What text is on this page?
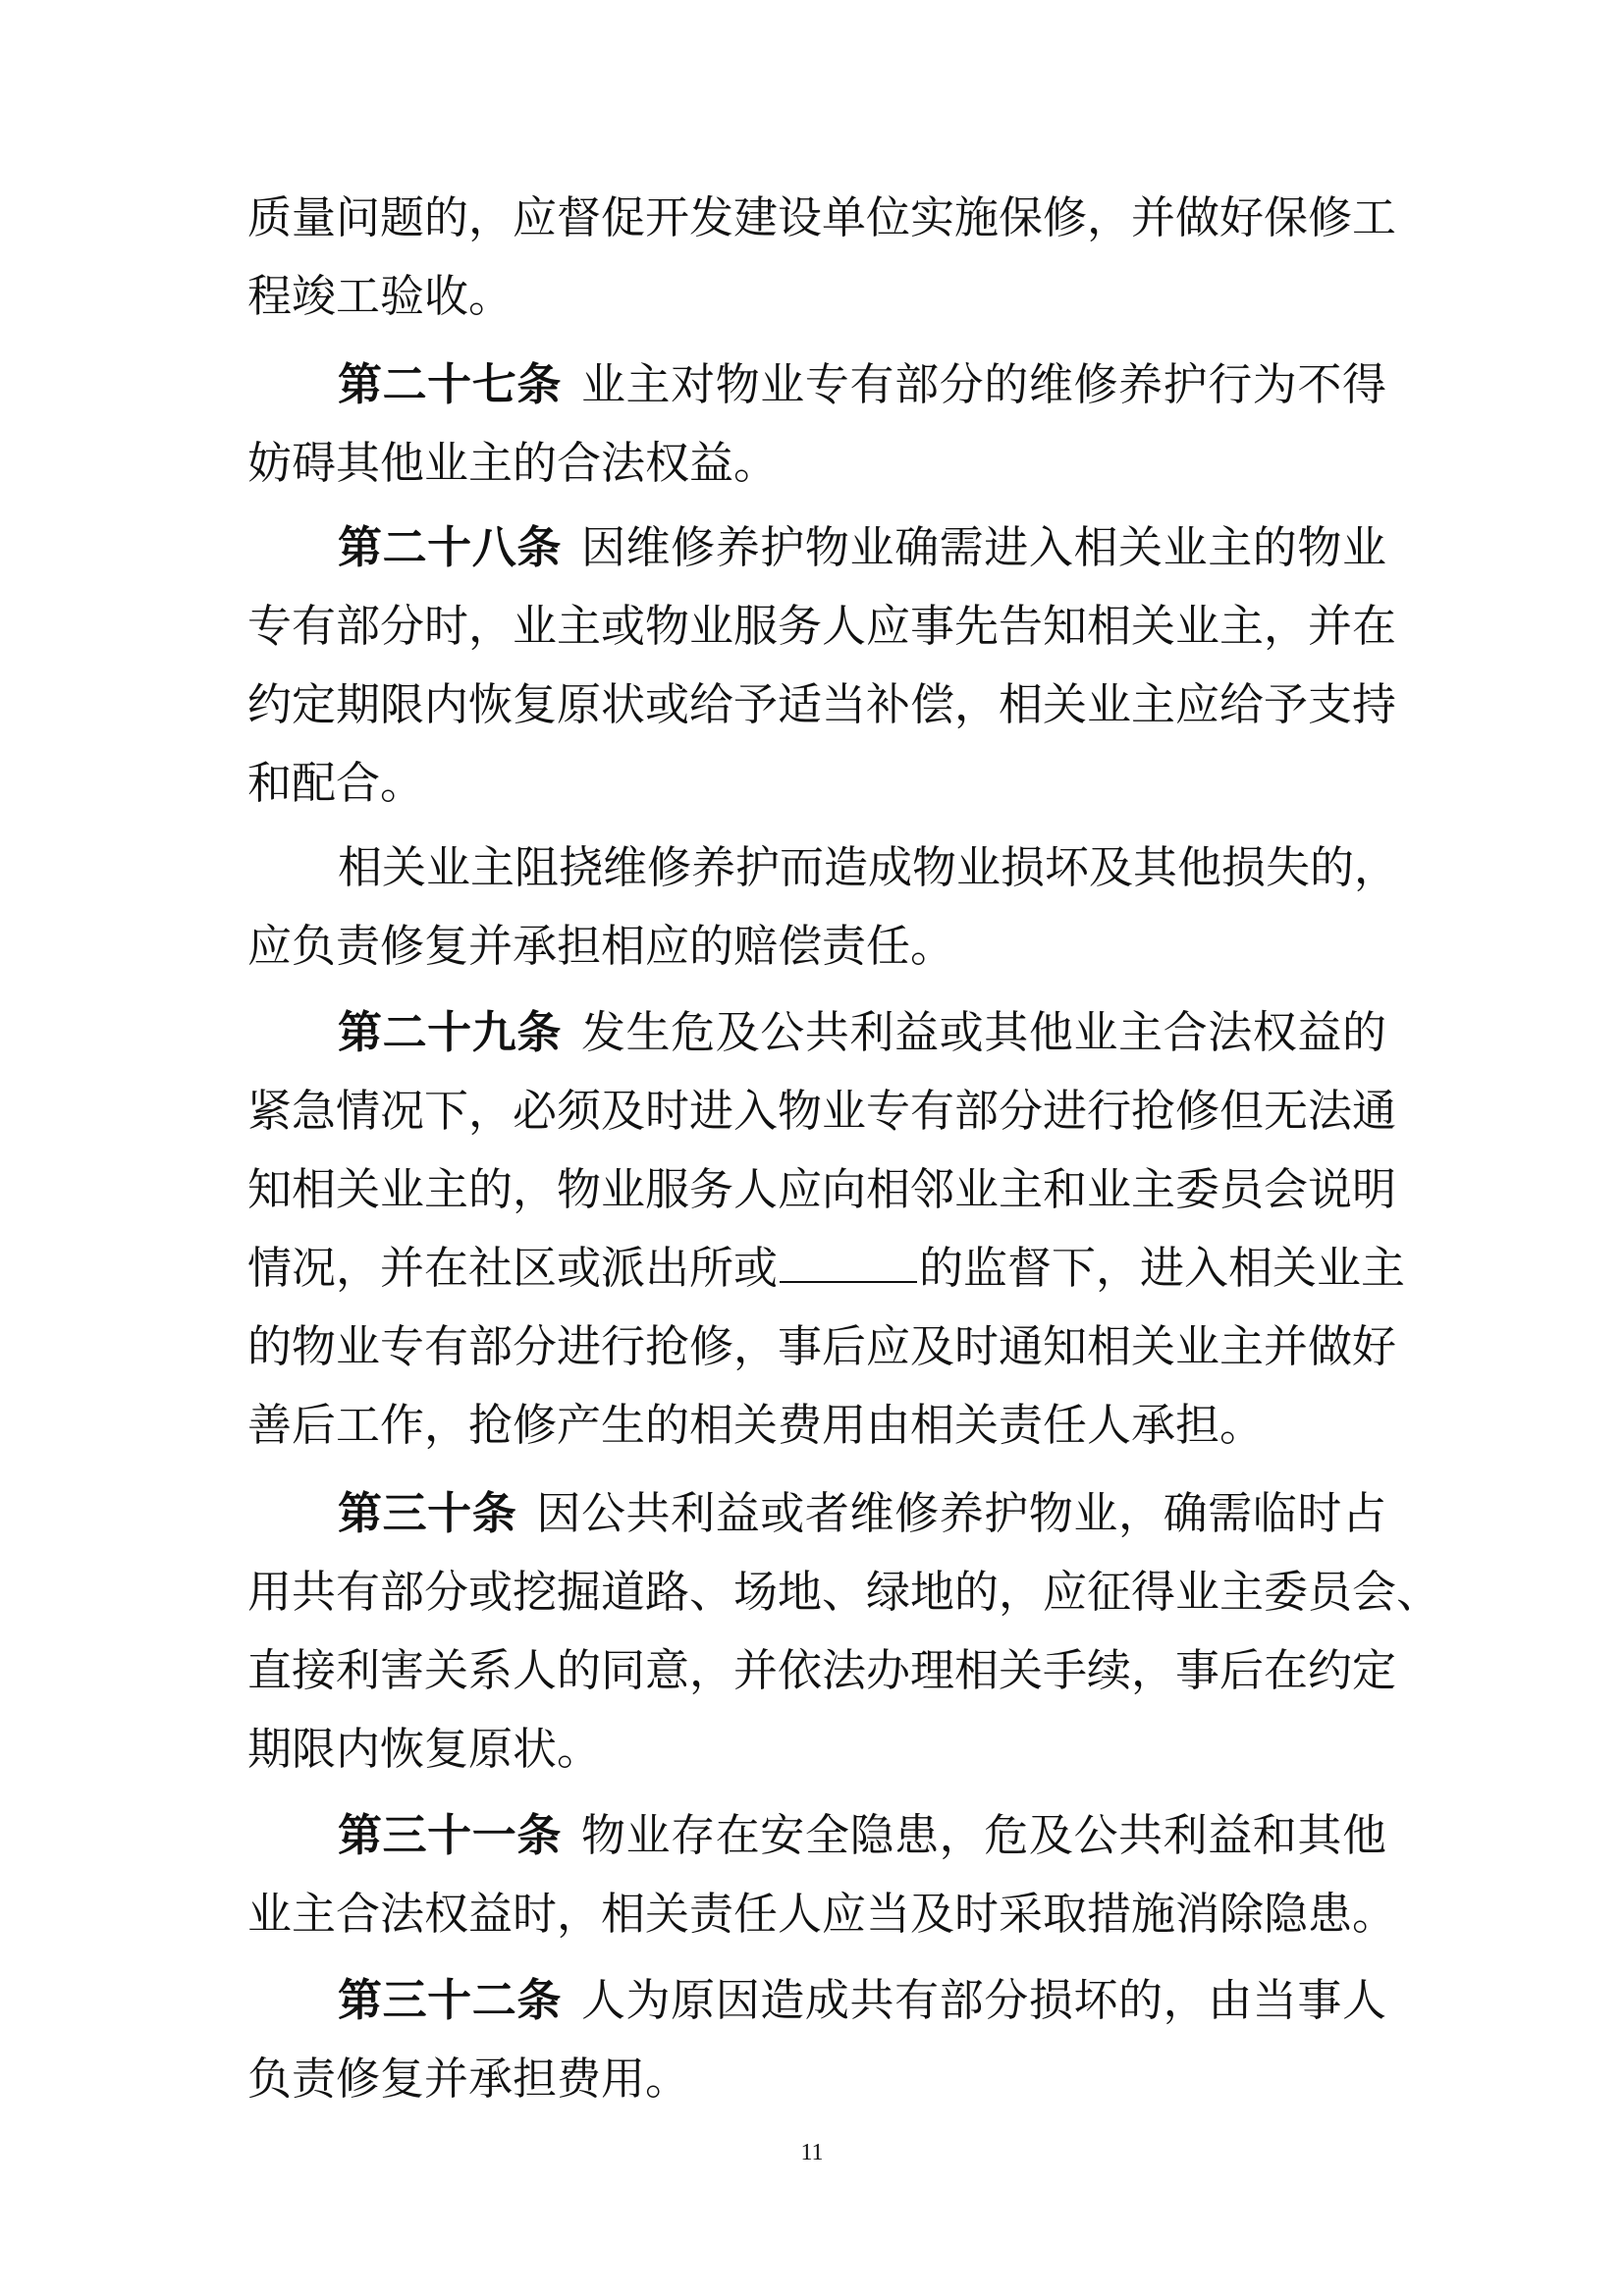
质量问题的，应督促开发建设单位实施保修，并做好保修工
程竣工验收。
第二十七条 业主对物业专有部分的维修养护行为不得
妨碍其他业主的合法权益。
第二十八条 因维修养护物业确需进入相关业主的物业
专有部分时，业主或物业服务人应事先告知相关业主，并在
约定期限内恢复原状或给予适当补偿，相关业主应给予支持
和配合。
相关业主阻挠维修养护而造成物业损坏及其他损失的，
应负责修复并承担相应的赔偿责任。
第二十九条 发生危及公共利益或其他业主合法权益的
紧急情况下，必须及时进入物业专有部分进行抢修但无法通
知相关业主的，物业服务人应向相邻业主和业主委员会说明
情况，并在社区或派出所或	的监督下，进入相关业主
的物业专有部分进行抢修，事后应及时通知相关业主并做好
善后工作，抢修产生的相关费用由相关责任人承担。
第三十条 因公共利益或者维修养护物业，确需临时占
用共有部分或挖掘道路、场地、绿地的，应征得业主委员会、
直接利害关系人的同意，并依法办理相关手续，事后在约定
期限内恢复原状。
第三十一条 物业存在安全隐患，危及公共利益和其他
业主合法权益时，相关责任人应当及时采取措施消除隐患。
第三十二条 人为原因造成共有部分损坏的，由当事人
负责修复并承担费用。
11
